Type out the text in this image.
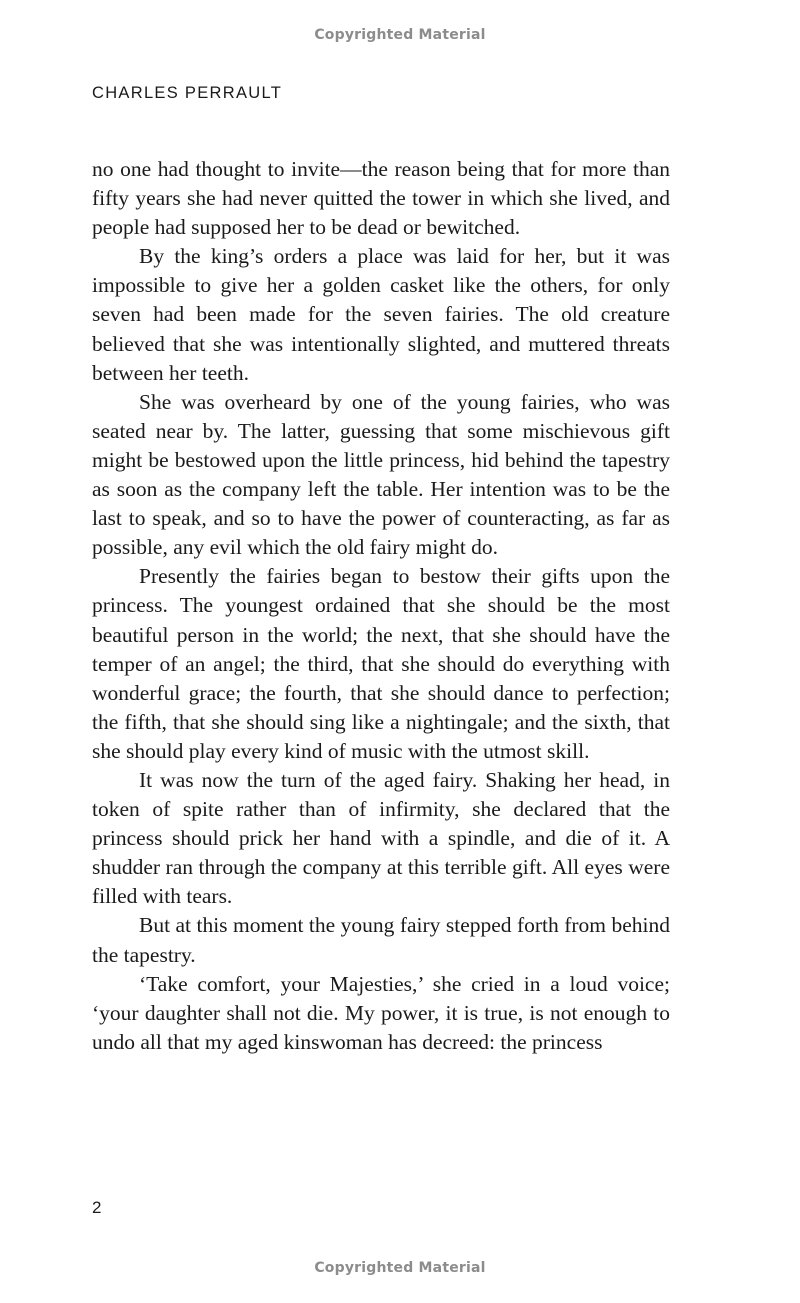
Copyrighted Material
CHARLES PERRAULT

no one had thought to invite—the reason being that for more than fifty years she had never quitted the tower in which she lived, and people had supposed her to be dead or bewitched.

By the king’s orders a place was laid for her, but it was impossible to give her a golden casket like the others, for only seven had been made for the seven fairies. The old creature believed that she was intentionally slighted, and muttered threats between her teeth.

She was overheard by one of the young fairies, who was seated near by. The latter, guessing that some mischievous gift might be bestowed upon the little princess, hid behind the tapestry as soon as the company left the table. Her intention was to be the last to speak, and so to have the power of counteracting, as far as possible, any evil which the old fairy might do.

Presently the fairies began to bestow their gifts upon the princess. The youngest ordained that she should be the most beautiful person in the world; the next, that she should have the temper of an angel; the third, that she should do everything with wonderful grace; the fourth, that she should dance to perfection; the fifth, that she should sing like a nightingale; and the sixth, that she should play every kind of music with the utmost skill.

It was now the turn of the aged fairy. Shaking her head, in token of spite rather than of infirmity, she declared that the princess should prick her hand with a spindle, and die of it. A shudder ran through the company at this terrible gift. All eyes were filled with tears.

But at this moment the young fairy stepped forth from behind the tapestry.

‘Take comfort, your Majesties,’ she cried in a loud voice; ‘your daughter shall not die. My power, it is true, is not enough to undo all that my aged kinswoman has decreed: the princess

2
Copyrighted Material
